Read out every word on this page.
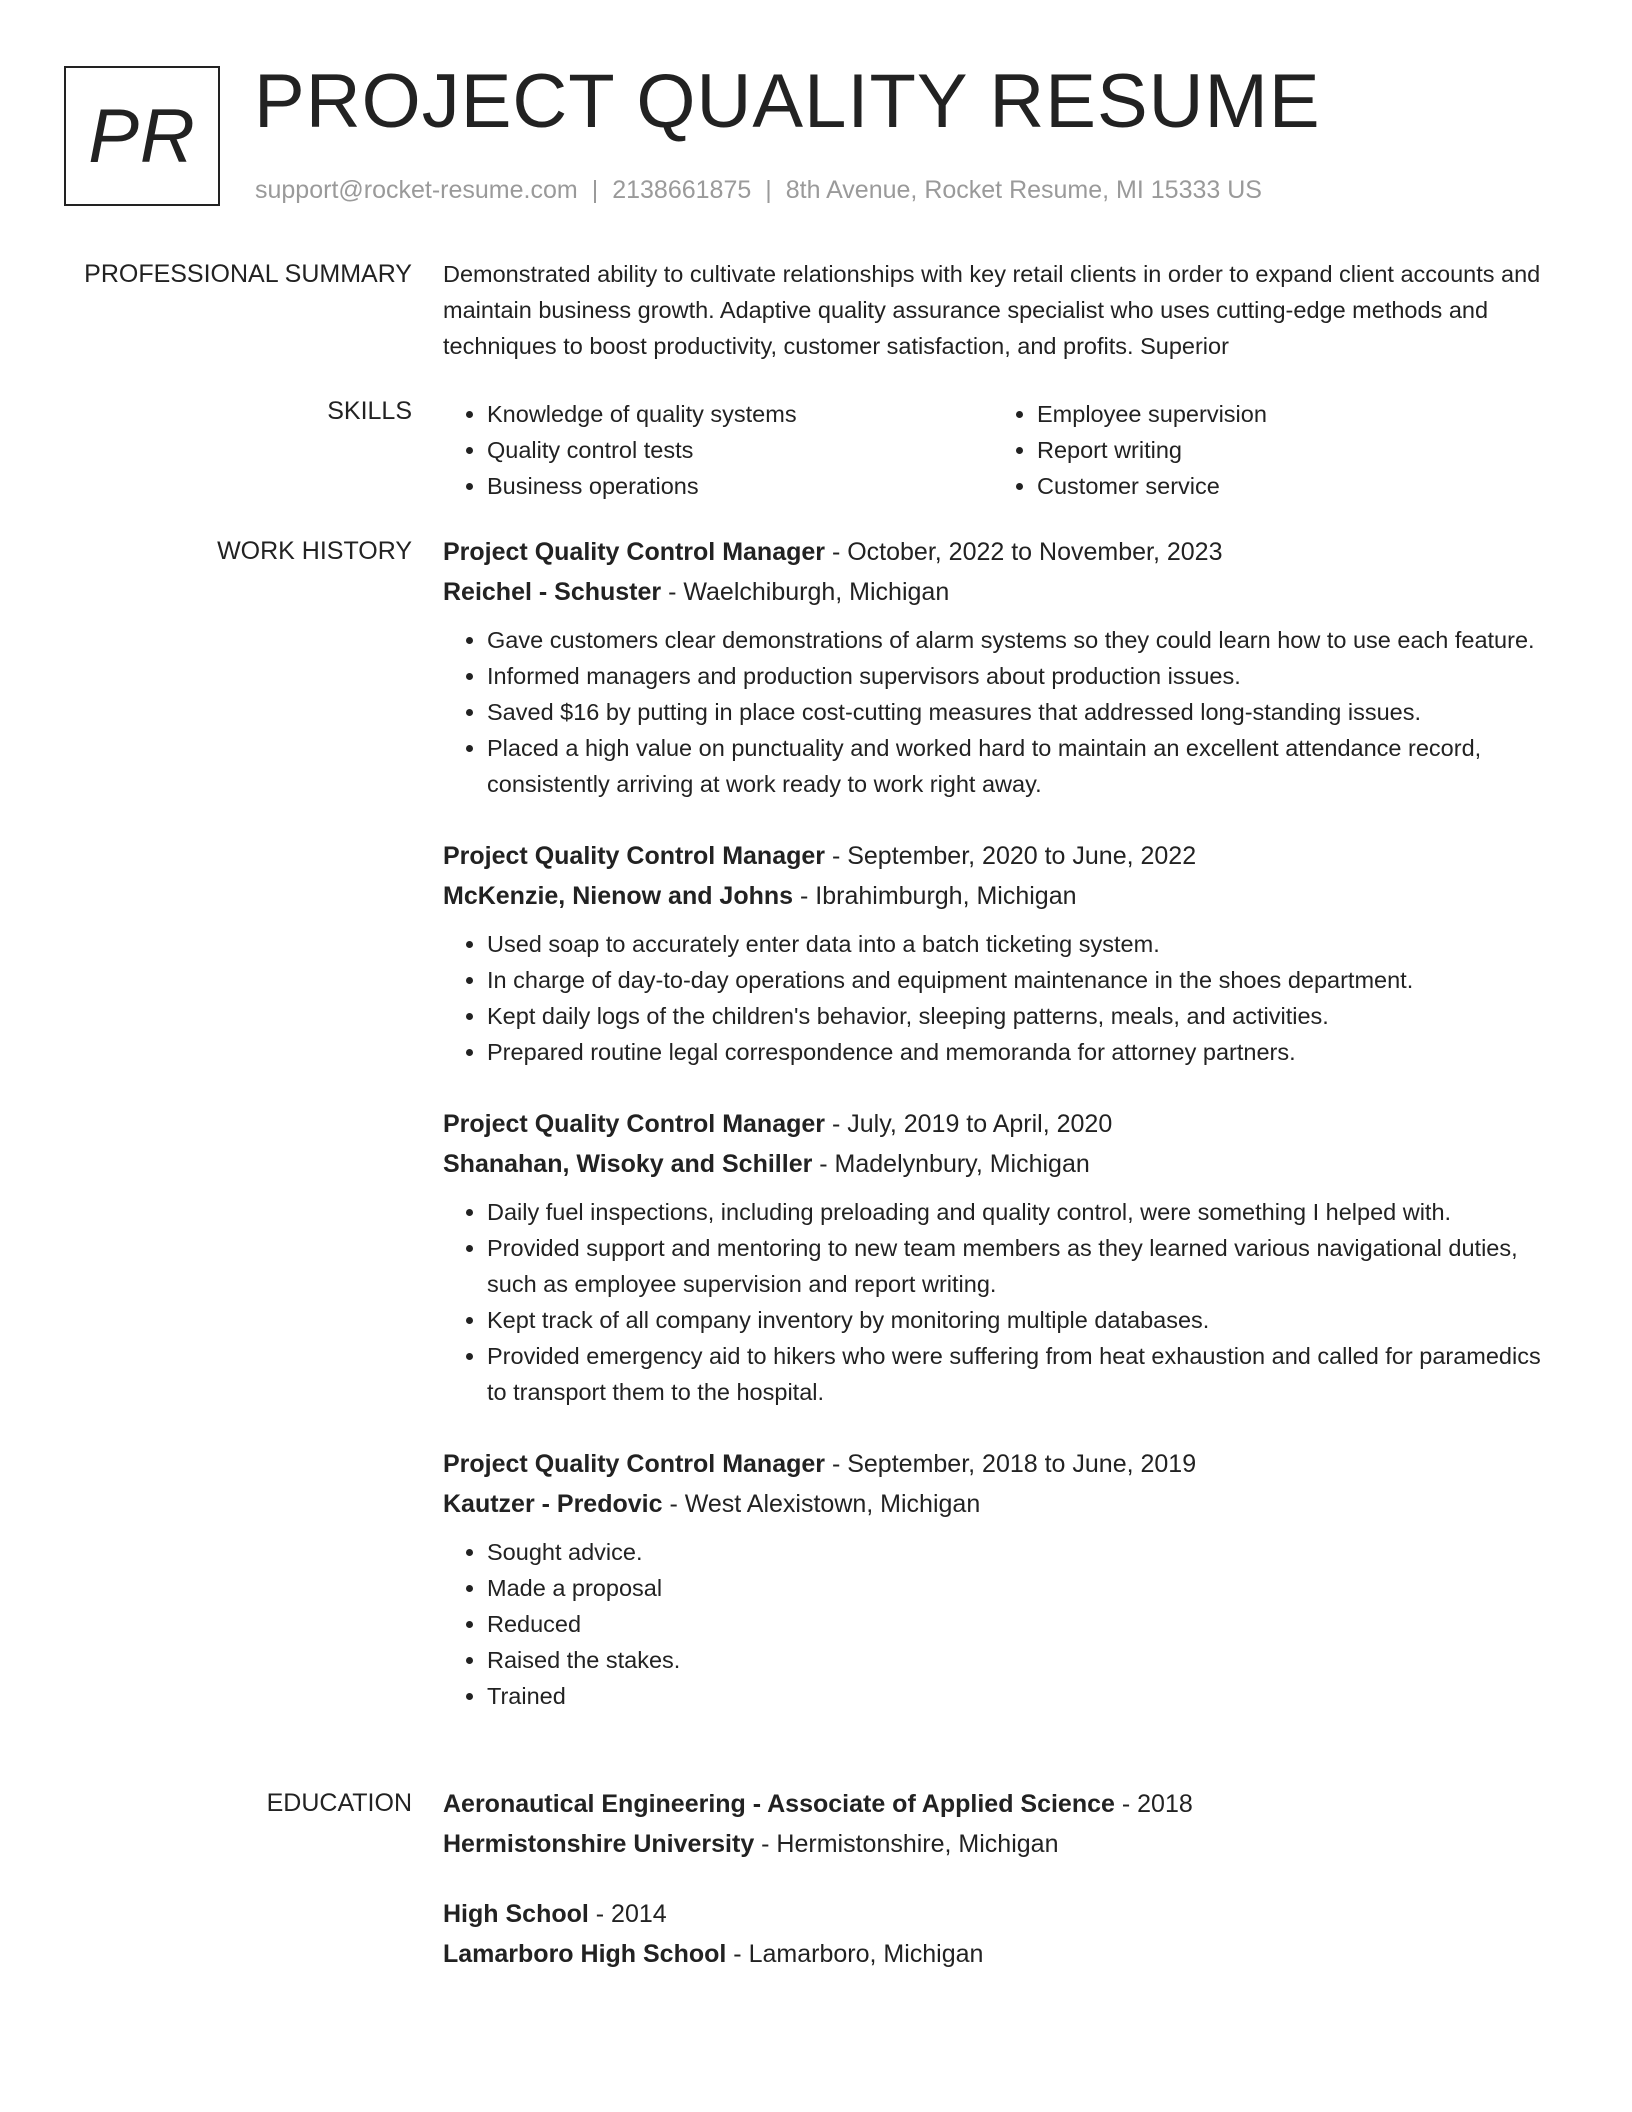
PR PROJECT QUALITY RESUME
support@rocket-resume.com | 2138661875 | 8th Avenue, Rocket Resume, MI 15333 US
PROFESSIONAL SUMMARY Demonstrated ability to cultivate relationships with key retail clients in order to expand client accounts and maintain business growth. Adaptive quality assurance specialist who uses cutting-edge methods and techniques to boost productivity, customer satisfaction, and profits. Superior
SKILLS
•	Knowledge of quality systems
• Quality control tests
• Business operations
• Employee supervision
• Report writing
• Customer service
WORK HISTORY Project Quality Control Manager - October, 2022 to November, 2023
Reichel - Schuster - Waelchiburgh, Michigan
• Gave customers clear demonstrations of alarm systems so they could learn how to use each feature.
• Informed managers and production supervisors about production issues.
• Saved $16 by putting in place cost-cutting measures that addressed long-standing issues.
• Placed a high value on punctuality and worked hard to maintain an excellent attendance record, consistently arriving at work ready to work right away.
Project Quality Control Manager - September, 2020 to June, 2022
McKenzie, Nienow and Johns - Ibrahimburgh, Michigan
• Used soap to accurately enter data into a batch ticketing system.
• In charge of day-to-day operations and equipment maintenance in the shoes department.
• Kept daily logs of the children's behavior, sleeping patterns, meals, and activities.
• Prepared routine legal correspondence and memoranda for attorney partners.
Project Quality Control Manager - July, 2019 to April, 2020
Shanahan, Wisoky and Schiller - Madelynbury, Michigan
• Daily fuel inspections, including preloading and quality control, were something I helped with.
• Provided support and mentoring to new team members as they learned various navigational duties, such as employee supervision and report writing.
• Kept track of all company inventory by monitoring multiple databases.
• Provided emergency aid to hikers who were suffering from heat exhaustion and called for paramedics to transport them to the hospital.
Project Quality Control Manager - September, 2018 to June, 2019
Kautzer - Predovic - West Alexistown, Michigan
• Sought advice.
• Made a proposal
• Reduced
• Raised the stakes.
• Trained
EDUCATION Aeronautical Engineering - Associate of Applied Science - 2018
Hermistonshire University - Hermistonshire, Michigan
High School - 2014
Lamarboro High School - Lamarboro, Michigan
